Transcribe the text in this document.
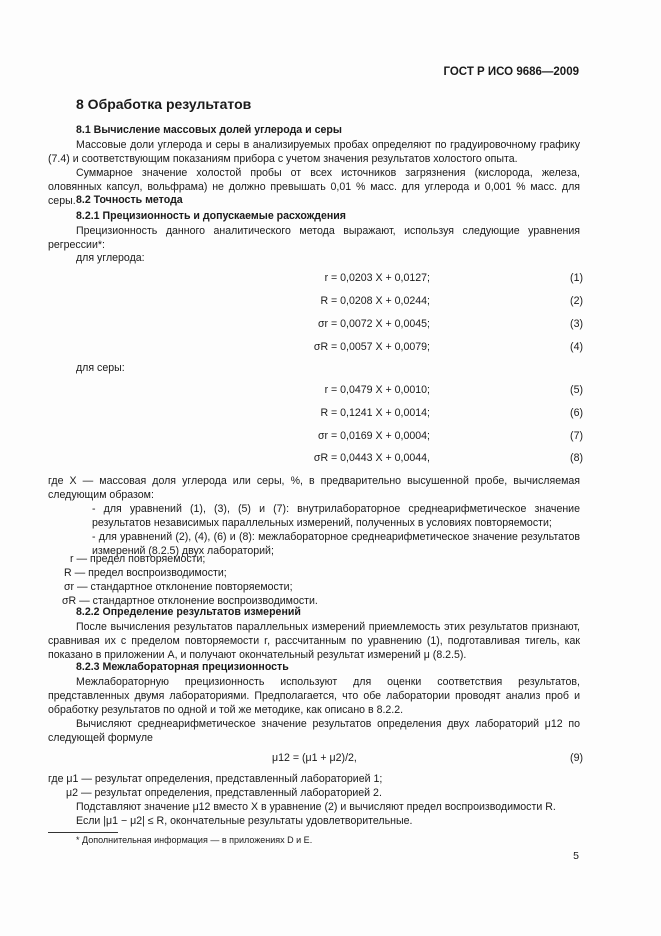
ГОСТ Р ИСО 9686—2009
8 Обработка результатов
8.1 Вычисление массовых долей углерода и серы
Массовые доли углерода и серы в анализируемых пробах определяют по градуировочному графику (7.4) и соответствующим показаниям прибора с учетом значения результатов холостого опыта.
Суммарное значение холостой пробы от всех источников загрязнения (кислорода, железа, оловянных капсул, вольфрама) не должно превышать 0,01 % масс. для углерода и 0,001 % масс. для серы. 8.2 Точность метода
8.2.1 Прецизионность и допускаемые расхождения
Прецизионность данного аналитического метода выражают, используя следующие уравнения регрессии*:
для углерода:
r = 0,0203 X + 0,0127;	(1)
R = 0,0208 X + 0,0244;	(2)
σr = 0,0072 X + 0,0045;	(3)
σR = 0,0057 X + 0,0079;	(4)
для серы:
r = 0,0479 X + 0,0010;	(5)
R = 0,1241 X + 0,0014;	(6)
σr = 0,0169 X + 0,0004;	(7)
σR = 0,0443 X + 0,0044,	(8)
где X — массовая доля углерода или серы, %, в предварительно высушенной пробе, вычисляемая следующим образом:
- для уравнений (1), (3), (5) и (7): внутрилабораторное среднеарифметическое значение результатов независимых параллельных измерений, полученных в условиях повторяемости;
- для уравнений (2), (4), (6) и (8): межлабораторное среднеарифметическое значение результатов измерений (8.2.5) двух лабораторий;
r — предел повторяемости;
R — предел воспроизводимости;
σr — стандартное отклонение повторяемости;
σR — стандартное отклонение воспроизводимости.
8.2.2 Определение результатов измерений
После вычисления результатов параллельных измерений приемлемость этих результатов признают, сравнивая их с пределом повторяемости r, рассчитанным по уравнению (1), подготавливая тигель, как показано в приложении А, и получают окончательный результат измерений μ (8.2.5).
8.2.3 Межлабораторная прецизионность
Межлабораторную прецизионность используют для оценки соответствия результатов, представленных двумя лабораториями. Предполагается, что обе лаборатории проводят анализ проб и обработку результатов по одной и той же методике, как описано в 8.2.2.
Вычисляют среднеарифметическое значение результатов определения двух лабораторий μ12 по следующей формуле
μ12 = (μ1 + μ2)/2,	(9)
где μ1 — результат определения, представленный лабораторией 1;
μ2 — результат определения, представленный лабораторией 2.
Подставляют значение μ12 вместо X в уравнение (2) и вычисляют предел воспроизводимости R.
Если |μ1 − μ2| ≤ R, окончательные результаты удовлетворительные.
* Дополнительная информация — в приложениях D и E.
5
